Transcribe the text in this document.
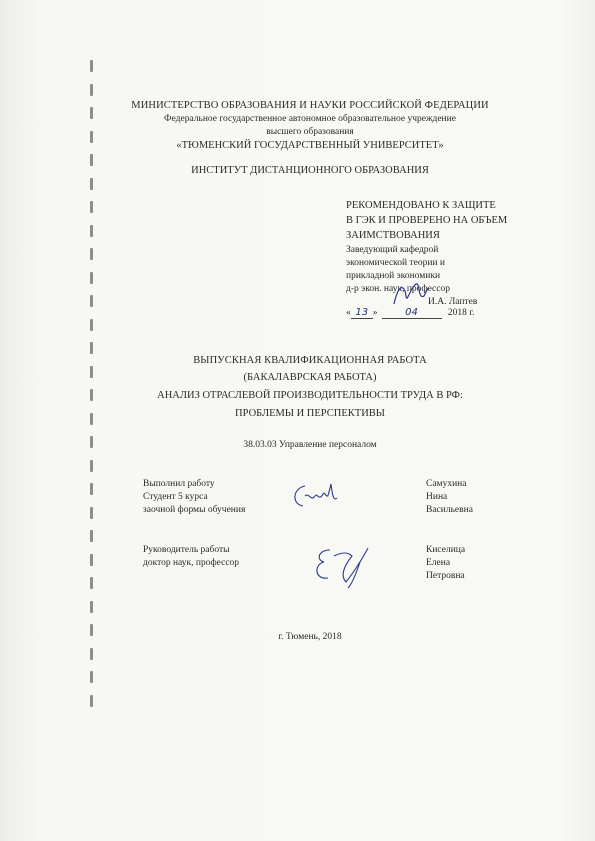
МИНИСТЕРСТВО ОБРАЗОВАНИЯ И НАУКИ РОССИЙСКОЙ ФЕДЕРАЦИИ
Федеральное государственное автономное образовательное учреждение
высшего образования
«ТЮМЕНСКИЙ ГОСУДАРСТВЕННЫЙ УНИВЕРСИТЕТ»
ИНСТИТУТ ДИСТАНЦИОННОГО ОБРАЗОВАНИЯ
РЕКОМЕНДОВАНО К ЗАЩИТЕ
В ГЭК И ПРОВЕРЕНО НА ОБЪЕМ
ЗАИМСТВОВАНИЯ
Заведующий кафедрой
экономической теории и
прикладной экономики
д-р экон. наук, профессор
И.А. Лаптев
« 13 »	04	2018 г.
ВЫПУСКНАЯ КВАЛИФИКАЦИОННАЯ РАБОТА
(БАКАЛАВРСКАЯ РАБОТА)
АНАЛИЗ ОТРАСЛЕВОЙ ПРОИЗВОДИТЕЛЬНОСТИ ТРУДА В РФ:
ПРОБЛЕМЫ И ПЕРСПЕКТИВЫ
38.03.03 Управление персоналом
Выполнил работу
Студент 5 курса
заочной формы обучения
Самухина
Нина
Васильевна
Руководитель работы
доктор наук, профессор
Киселица
Елена
Петровна
г. Тюмень, 2018
